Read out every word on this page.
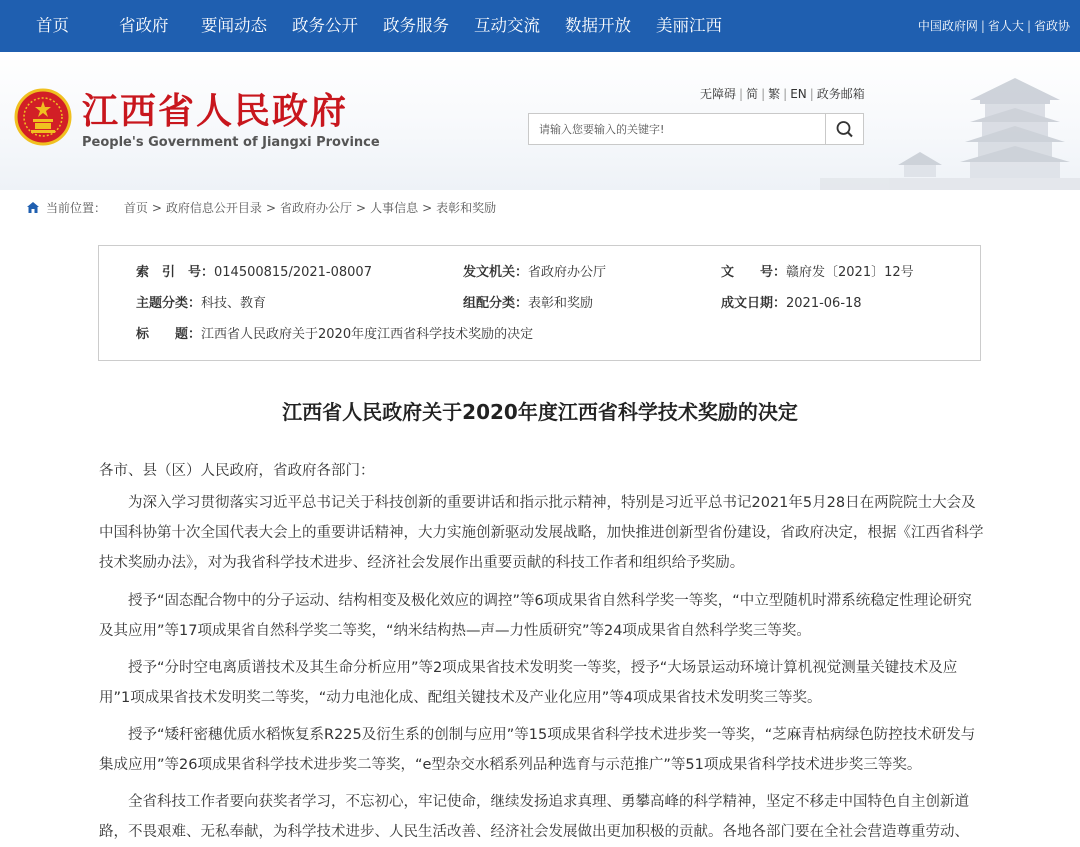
首页	省政府 要闻动态 政务公开 政务服务 互动交流 数据开放 美丽江西	中国政府网 | 省人大 | 省政协
江西省人民政府
People's Government of Jiangxi Province
无障碍 | 简 | 繁 | EN | 政务邮箱
请输入您要输入的关键字!
当前位置： 首页 > 政府信息公开目录 > 省政府办公厅 > 人事信息 > 表彰和奖励
索　引　号：014500815/2021-08007	发文机关：省政府办公厅	文　　号：赣府发〔2021〕12号
主题分类：科技、教育	组配分类：表彰和奖励	成文日期：2021-06-18
标　　题：江西省人民政府关于2020年度江西省科学技术奖励的决定
江西省人民政府关于2020年度江西省科学技术奖励的决定
各市、县（区）人民政府，省政府各部门：
为深入学习贯彻落实习近平总书记关于科技创新的重要讲话和指示批示精神，特别是习近平总书记2021年5月28日在两院院士大会及中国科协第十次全国代表大会上的重要讲话精神，大力实施创新驱动发展战略，加快推进创新型省份建设，省政府决定，根据《江西省科学技术奖励办法》，对为我省科学技术进步、经济社会发展作出重要贡献的科技工作者和组织给予奖励。
授予“固态配合物中的分子运动、结构相变及极化效应的调控”等6项成果省自然科学奖一等奖，“中立型随机时滞系统稳定性理论研究及其应用”等17项成果省自然科学奖二等奖，“纳米结构热—声—力性质研究”等24项成果省自然科学奖三等奖。
授予“分时空电离质谱技术及其生命分析应用”等2项成果省技术发明奖一等奖，授予“大场景运动环境计算机视觉测量关键技术及应用”1项成果省技术发明奖二等奖，“动力电池化成、配组关键技术及产业化应用”等4项成果省技术发明奖三等奖。
授予“矮秆密穗优质水稻恢复系R225及衍生系的创制与应用”等15项成果省科学技术进步奖一等奖，“芝麻青枯病绿色防控技术研发与集成应用”等26项成果省科学技术进步奖二等奖，“e型杂交水稻系列品种选育与示范推广”等51项成果省科学技术进步奖三等奖。
全省科技工作者要向获奖者学习，不忘初心，牢记使命，继续发扬追求真理、勇攀高峰的科学精神，坚定不移走中国特色自主创新道路，不畏艰难、无私奉献，为科学技术进步、人民生活改善、经济社会发展做出更加积极的贡献。各地各部门要在全社会营造尊重劳动、
